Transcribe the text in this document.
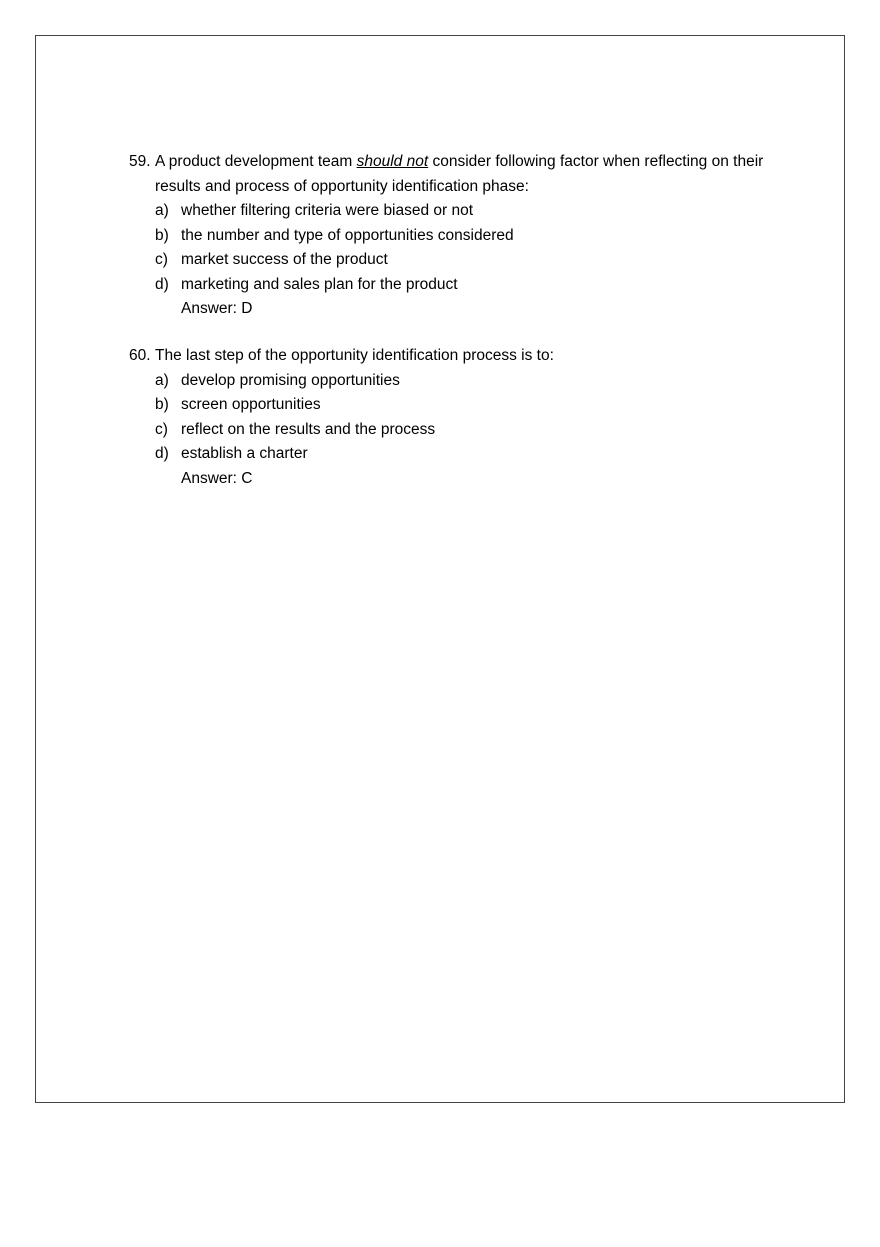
59. A product development team should not consider following factor when reflecting on their results and process of opportunity identification phase:
a) whether filtering criteria were biased or not
b) the number and type of opportunities considered
c) market success of the product
d) marketing and sales plan for the product
Answer: D
60. The last step of the opportunity identification process is to:
a) develop promising opportunities
b) screen opportunities
c) reflect on the results and the process
d) establish a charter
Answer: C
